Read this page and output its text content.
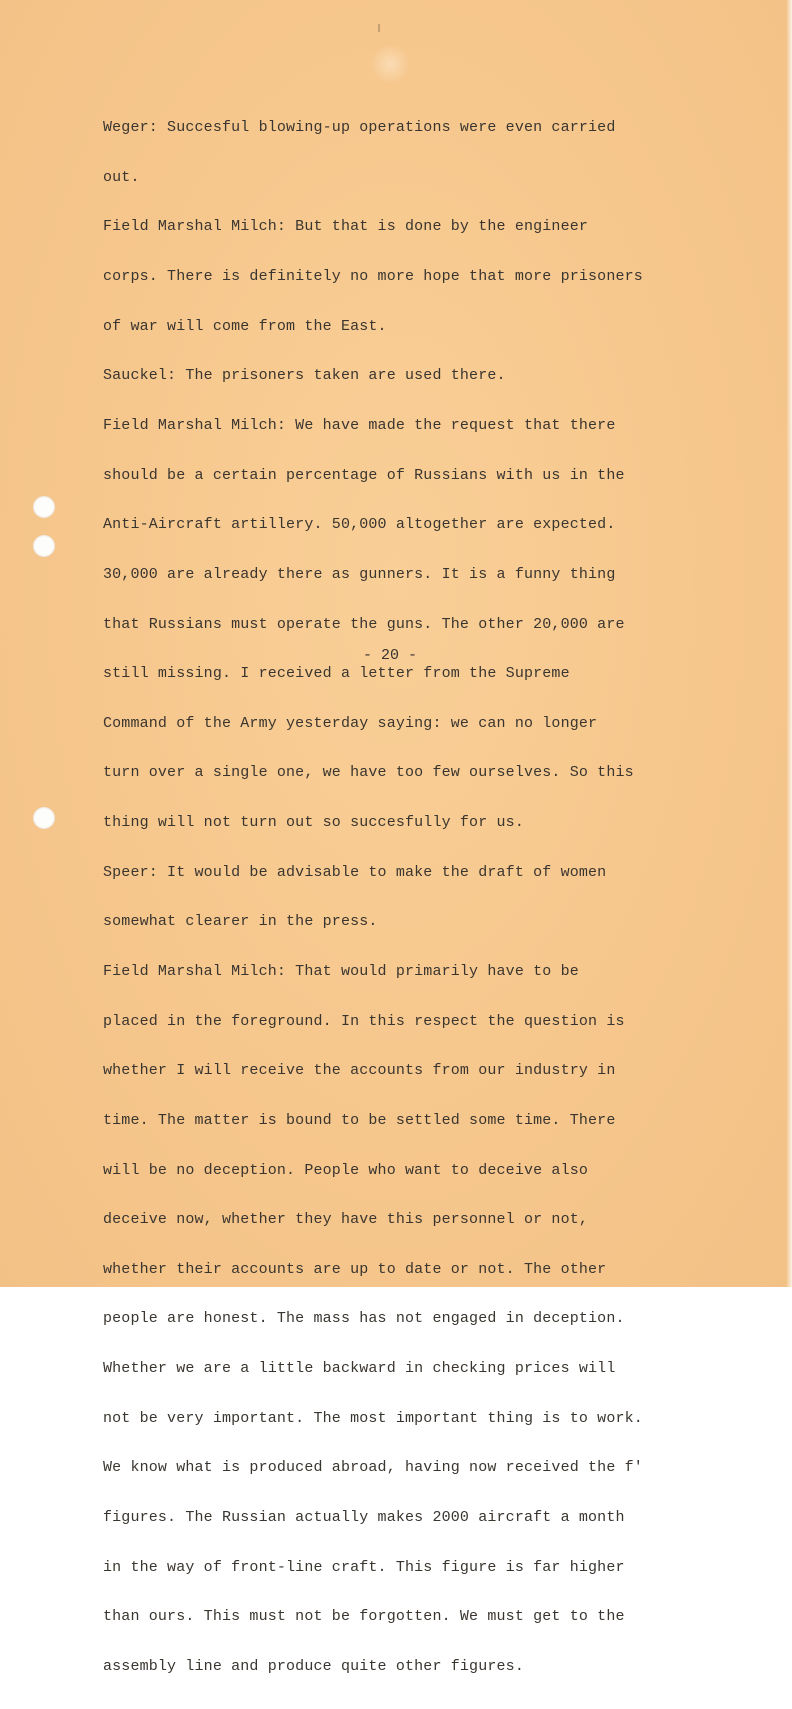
Weger: Succesful blowing-up operations were even carried

out.

Field Marshal Milch: But that is done by the engineer

corps. There is definitely no more hope that more prisoners

of war will come from the East.

Sauckel: The prisoners taken are used there.

Field Marshal Milch: We have made the request that there

should be a certain percentage of Russians with us in the

Anti-Aircraft artillery. 50,000 altogether are expected.

30,000 are already there as gunners. It is a funny thing

that Russians must operate the guns. The other 20,000 are

still missing. I received a letter from the Supreme

Command of the Army yesterday saying: we can no longer

turn over a single one, we have too few ourselves. So this

thing will not turn out so succesfully for us.

Speer: It would be advisable to make the draft of women

somewhat clearer in the press.

Field Marshal Milch: That would primarily have to be

placed in the foreground. In this respect the question is

whether I will receive the accounts from our industry in

time. The matter is bound to be settled some time. There

will be no deception. People who want to deceive also

deceive now, whether they have this personnel or not,

whether their accounts are up to date or not. The other

people are honest. The mass has not engaged in deception.

Whether we are a little backward in checking prices will

not be very important. The most important thing is to work.

We know what is produced abroad, having now received the f'

figures. The Russian actually makes 2000 aircraft a month

in the way of front-line craft. This figure is far higher

than ours. This must not be forgotten. We must get to the

assembly line and produce quite other figures.

- 20 -
